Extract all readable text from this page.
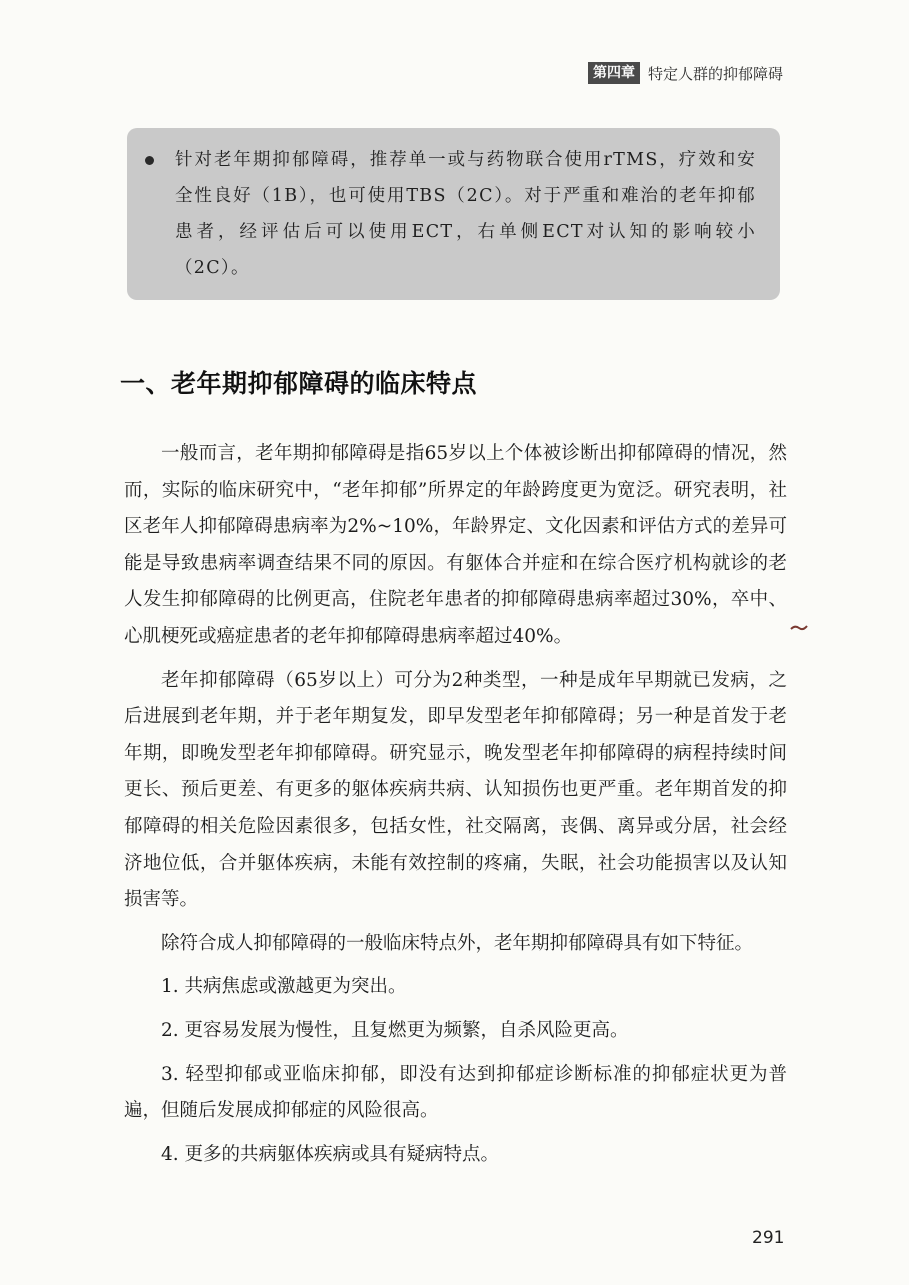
第四章 特定人群的抑郁障碍
针对老年期抑郁障碍，推荐单一或与药物联合使用rTMS，疗效和安全性良好（1B），也可使用TBS（2C）。对于严重和难治的老年抑郁患者，经评估后可以使用ECT，右单侧ECT对认知的影响较小（2C）。
一、老年期抑郁障碍的临床特点

一般而言，老年期抑郁障碍是指65岁以上个体被诊断出抑郁障碍的情况，然而，实际的临床研究中，“老年抑郁”所界定的年龄跨度更为宽泛。研究表明，社区老年人抑郁障碍患病率为2%~10%，年龄界定、文化因素和评估方式的差异可能是导致患病率调查结果不同的原因。有躯体合并症和在综合医疗机构就诊的老人发生抑郁障碍的比例更高，住院老年患者的抑郁障碍患病率超过30%，卒中、心肌梗死或癌症患者的老年抑郁障碍患病率超过40%。

老年抑郁障碍（65岁以上）可分为2种类型，一种是成年早期就已发病，之后进展到老年期，并于老年期复发，即早发型老年抑郁障碍；另一种是首发于老年期，即晚发型老年抑郁障碍。研究显示，晚发型老年抑郁障碍的病程持续时间更长、预后更差、有更多的躯体疾病共病、认知损伤也更严重。老年期首发的抑郁障碍的相关危险因素很多，包括女性，社交隔离，丧偶、离异或分居，社会经济地位低，合并躯体疾病，未能有效控制的疼痛，失眠，社会功能损害以及认知损害等。

除符合成人抑郁障碍的一般临床特点外，老年期抑郁障碍具有如下特征。

1. 共病焦虑或激越更为突出。

2. 更容易发展为慢性，且复燃更为频繁，自杀风险更高。

3. 轻型抑郁或亚临床抑郁，即没有达到抑郁症诊断标准的抑郁症状更为普遍，但随后发展成抑郁症的风险很高。

4. 更多的共病躯体疾病或具有疑病特点。

291
